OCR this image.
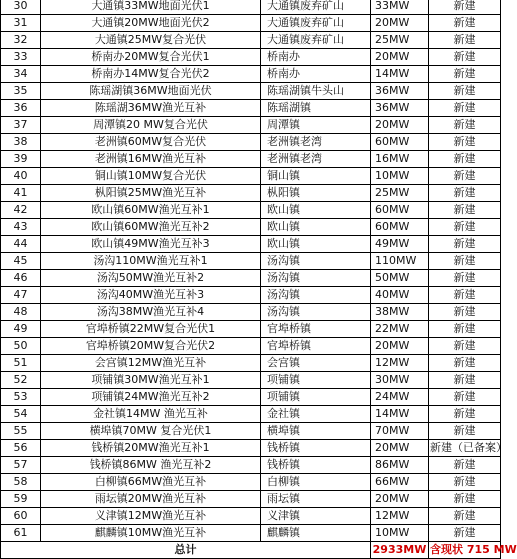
30	大通镇33MW地面光伏1	大通镇废弃矿山	33MW	新建
31	大通镇20MW地面光伏2	大通镇废弃矿山	20MW	新建
32	大通镇25MW复合光伏	大通镇废弃矿山	25MW	新建
33	桥南办20MW复合光伏1	桥南办	20MW	新建
34	桥南办14MW复合光伏2	桥南办	14MW	新建
35	陈瑶湖镇36MW地面光伏	陈瑶湖镇牛头山	36MW	新建
36	陈瑶湖36MW渔光互补	陈瑶湖镇	36MW	新建
37	周潭镇20 MW复合光伏	周潭镇	20MW	新建
38	老洲镇60MW复合光伏	老洲镇老湾	60MW	新建
39	老洲镇16MW渔光互补	老洲镇老湾	16MW	新建
40	铜山镇10MW复合光伏	铜山镇	10MW	新建
41	枞阳镇25MW渔光互补	枞阳镇	25MW	新建
42	欧山镇60MW渔光互补1	欧山镇	60MW	新建
43	欧山镇60MW渔光互补2	欧山镇	60MW	新建
44	欧山镇49MW渔光互补3	欧山镇	49MW	新建
45	汤沟110MW渔光互补1	汤沟镇	110MW	新建
46	汤沟50MW渔光互补2	汤沟镇	50MW	新建
47	汤沟40MW渔光互补3	汤沟镇	40MW	新建
48	汤沟38MW渔光互补4	汤沟镇	38MW	新建
49	官埠桥镇22MW复合光伏1	官埠桥镇	22MW	新建
50	官埠桥镇20MW复合光伏2	官埠桥镇	20MW	新建
51	会宫镇12MW渔光互补	会宫镇	12MW	新建
52	项铺镇30MW渔光互补1	项铺镇	30MW	新建
53	项铺镇24MW渔光互补2	项铺镇	24MW	新建
54	金社镇14MW 渔光互补	金社镇	14MW	新建
55	横埠镇70MW 复合光伏1	横埠镇	70MW	新建
56	钱桥镇20MW渔光互补1	钱桥镇	20MW	新建（已备案）
57	钱桥镇86MW 渔光互补2	钱桥镇	86MW	新建
58	白柳镇66MW渔光互补	白柳镇	66MW	新建
59	雨坛镇20MW渔光互补	雨坛镇	20MW	新建
60	义津镇12MW渔光互补	义津镇	12MW	新建
61	麒麟镇10MW渔光互补	麒麟镇	10MW	新建
总计			2933MW	含现状 715 MW
